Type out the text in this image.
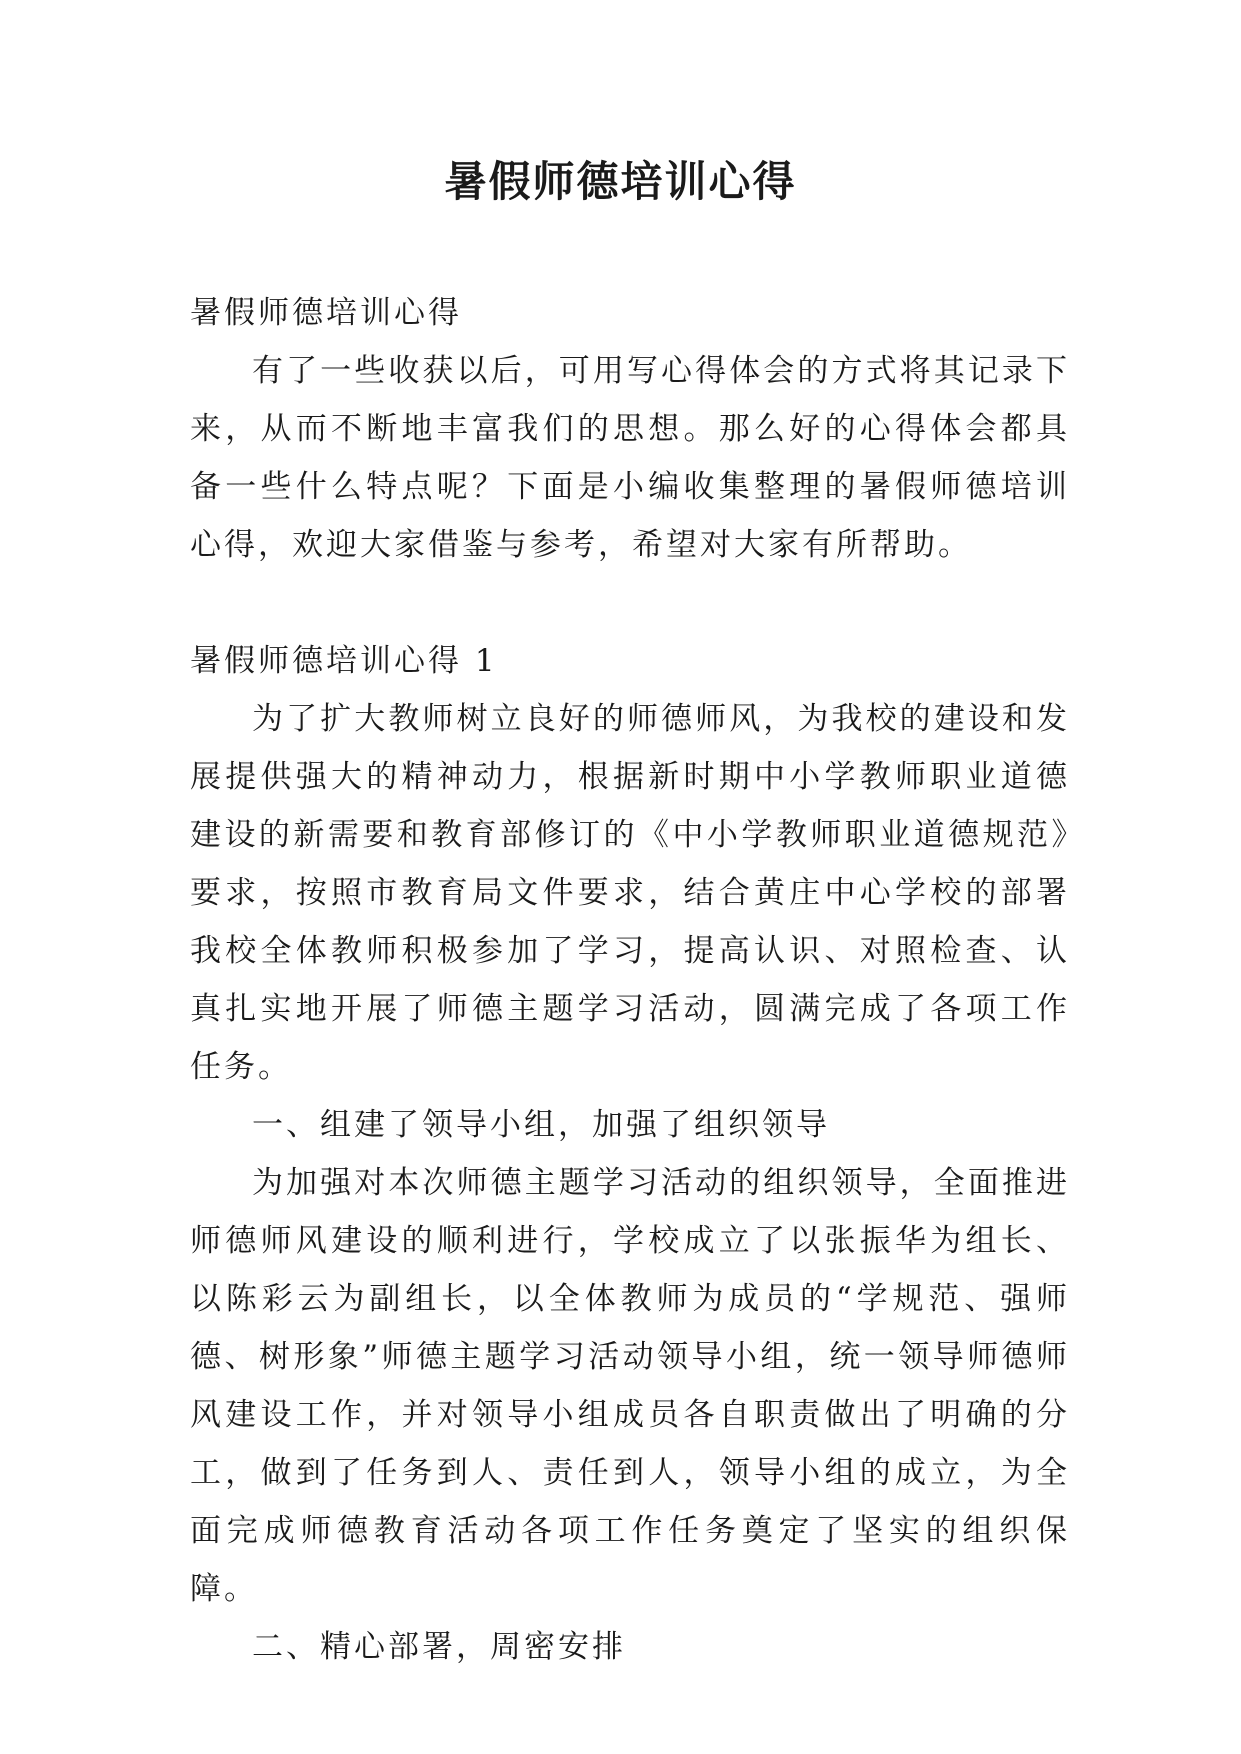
暑假师德培训心得

暑假师德培训心得

有了一些收获以后，可用写心得体会的方式将其记录下来，从而不断地丰富我们的思想。那么好的心得体会都具备一些什么特点呢？下面是小编收集整理的暑假师德培训心得，欢迎大家借鉴与参考，希望对大家有所帮助。

暑假师德培训心得 1

为了扩大教师树立良好的师德师风，为我校的建设和发展提供强大的精神动力，根据新时期中小学教师职业道德建设的新需要和教育部修订的《中小学教师职业道德规范》要求，按照市教育局文件要求，结合黄庄中心学校的部署我校全体教师积极参加了学习，提高认识、对照检查、认真扎实地开展了师德主题学习活动，圆满完成了各项工作任务。

一、组建了领导小组，加强了组织领导

为加强对本次师德主题学习活动的组织领导，全面推进师德师风建设的顺利进行，学校成立了以张振华为组长、以陈彩云为副组长，以全体教师为成员的“学规范、强师德、树形象”师德主题学习活动领导小组，统一领导师德师风建设工作，并对领导小组成员各自职责做出了明确的分工，做到了任务到人、责任到人，领导小组的成立，为全面完成师德教育活动各项工作任务奠定了坚实的组织保障。

二、精心部署，周密安排
